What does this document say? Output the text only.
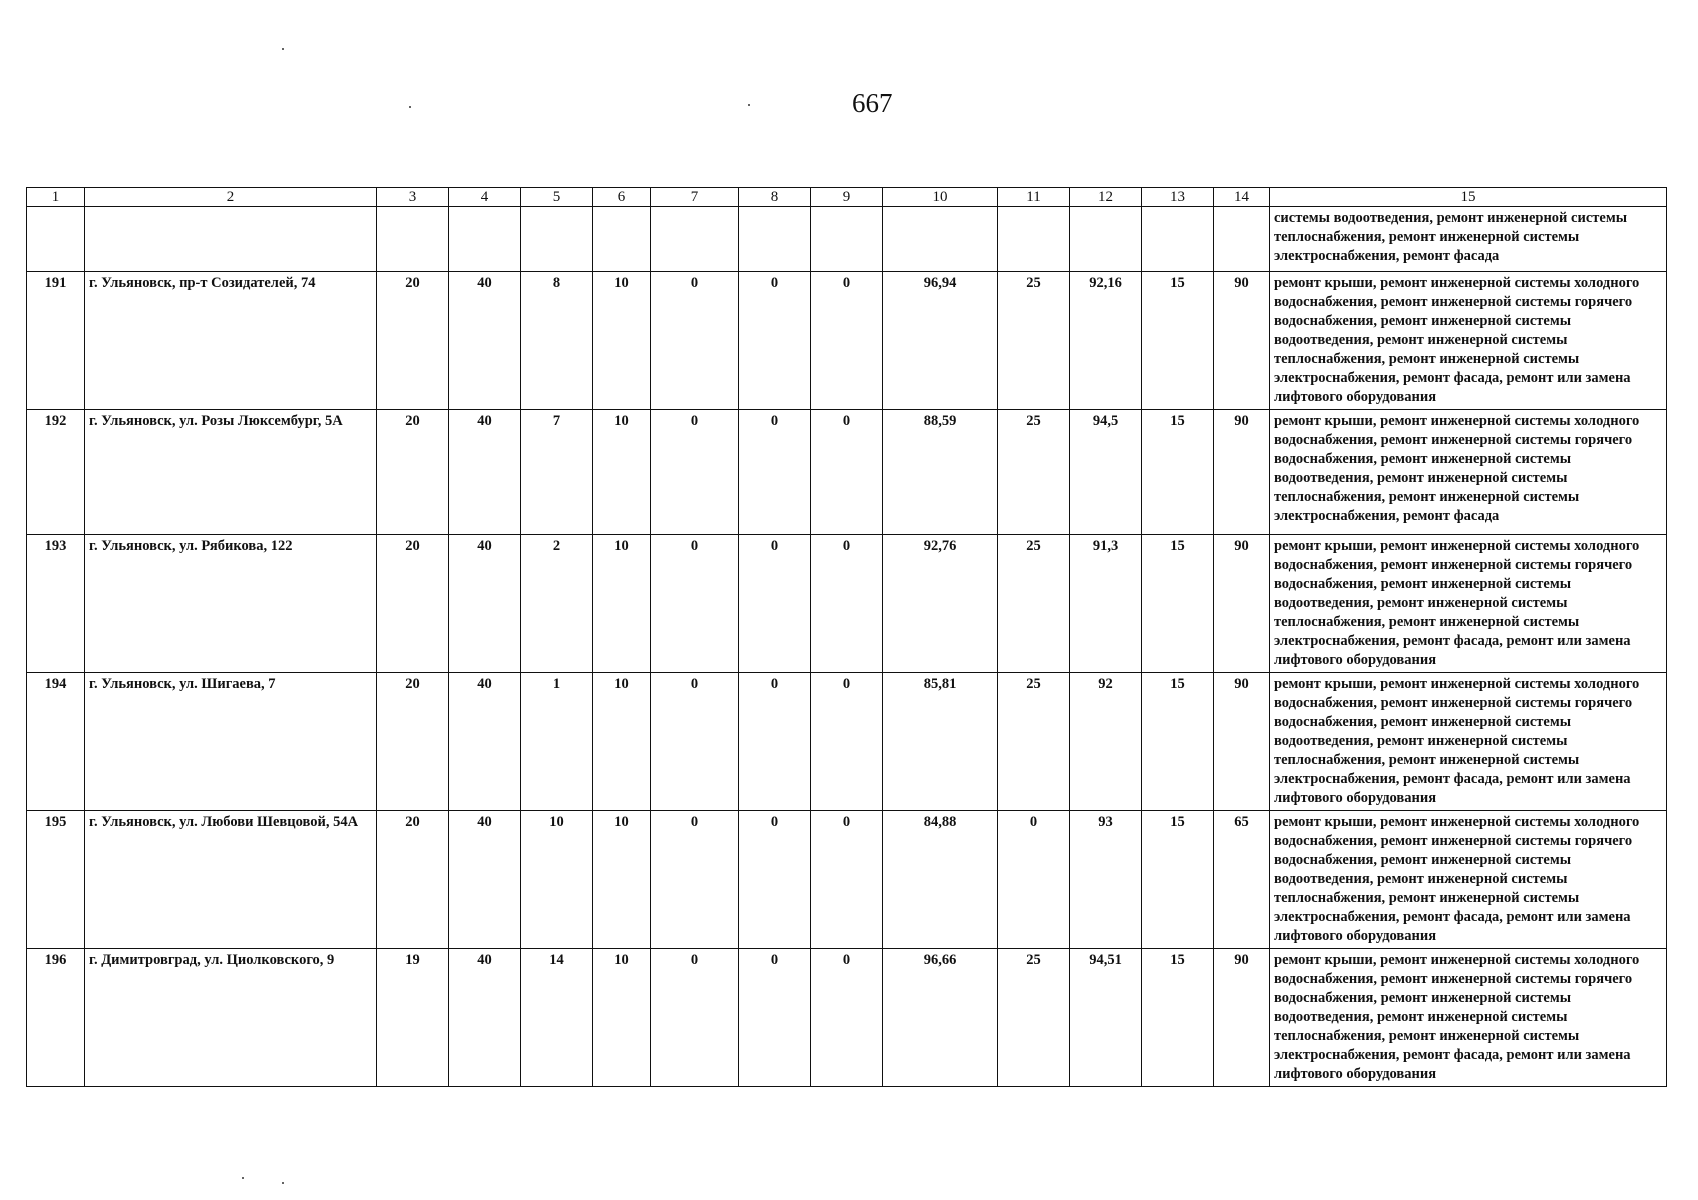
667
1	2	3	4	5	6	7	8	9	10	11	12	13	14	15
														системы водоотведения, ремонт инженерной системы теплоснабжения, ремонт инженерной системы электроснабжения, ремонт фасада
191	г. Ульяновск, пр-т Созидателей, 74	20	40	8	10	0	0	0	96,94	25	92,16	15	90	ремонт крыши, ремонт инженерной системы холодного водоснабжения, ремонт инженерной системы горячего водоснабжения, ремонт инженерной системы водоотведения, ремонт инженерной системы теплоснабжения, ремонт инженерной системы электроснабжения, ремонт фасада, ремонт или замена лифтового оборудования
192	г. Ульяновск, ул. Розы Люксембург, 5А	20	40	7	10	0	0	0	88,59	25	94,5	15	90	ремонт крыши, ремонт инженерной системы холодного водоснабжения, ремонт инженерной системы горячего водоснабжения, ремонт инженерной системы водоотведения, ремонт инженерной системы теплоснабжения, ремонт инженерной системы электроснабжения, ремонт фасада
193	г. Ульяновск, ул. Рябикова, 122	20	40	2	10	0	0	0	92,76	25	91,3	15	90	ремонт крыши, ремонт инженерной системы холодного водоснабжения, ремонт инженерной системы горячего водоснабжения, ремонт инженерной системы водоотведения, ремонт инженерной системы теплоснабжения, ремонт инженерной системы электроснабжения, ремонт фасада, ремонт или замена лифтового оборудования
194	г. Ульяновск, ул. Шигаева, 7	20	40	1	10	0	0	0	85,81	25	92	15	90	ремонт крыши, ремонт инженерной системы холодного водоснабжения, ремонт инженерной системы горячего водоснабжения, ремонт инженерной системы водоотведения, ремонт инженерной системы теплоснабжения, ремонт инженерной системы электроснабжения, ремонт фасада, ремонт или замена лифтового оборудования
195	г. Ульяновск, ул. Любови Шевцовой, 54А	20	40	10	10	0	0	0	84,88	0	93	15	65	ремонт крыши, ремонт инженерной системы холодного водоснабжения, ремонт инженерной системы горячего водоснабжения, ремонт инженерной системы водоотведения, ремонт инженерной системы теплоснабжения, ремонт инженерной системы электроснабжения, ремонт фасада, ремонт или замена лифтового оборудования
196	г. Димитровград, ул. Циолковского, 9	19	40	14	10	0	0	0	96,66	25	94,51	15	90	ремонт крыши, ремонт инженерной системы холодного водоснабжения, ремонт инженерной системы горячего водоснабжения, ремонт инженерной системы водоотведения, ремонт инженерной системы теплоснабжения, ремонт инженерной системы электроснабжения, ремонт фасада, ремонт или замена лифтового оборудования
